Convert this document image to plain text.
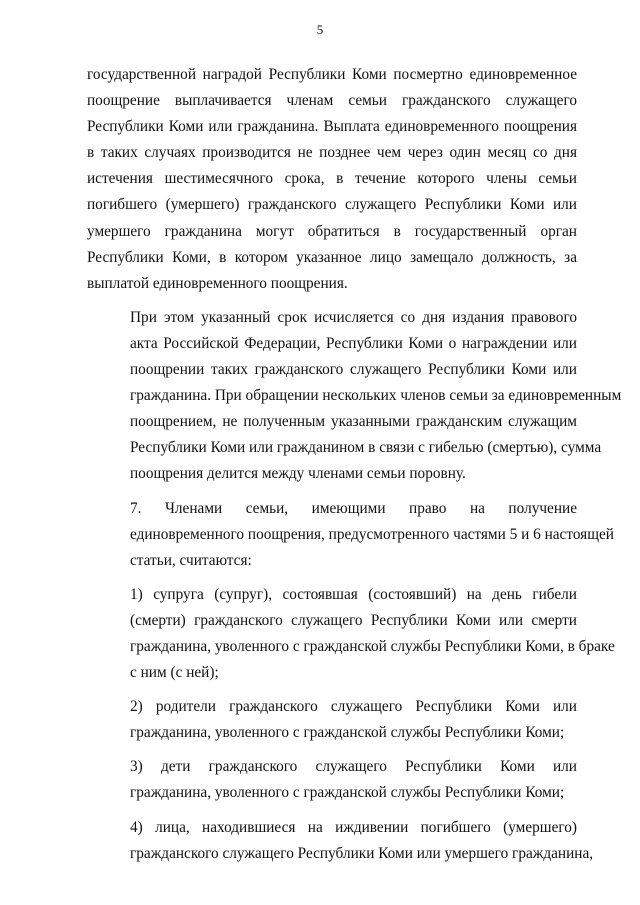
5
государственной наградой Республики Коми посмертно единовременное
поощрение выплачивается членам семьи гражданского служащего
Республики Коми или гражданина. Выплата единовременного поощрения
в таких случаях производится не позднее чем через один месяц со дня
истечения шестимесячного срока, в течение которого члены семьи
погибшего (умершего) гражданского служащего Республики Коми или
умершего гражданина могут обратиться в государственный орган
Республики Коми, в котором указанное лицо замещало должность, за
выплатой единовременного поощрения.
При этом указанный срок исчисляется со дня издания правового
акта Российской Федерации, Республики Коми о награждении или
поощрении таких гражданского служащего Республики Коми или
гражданина. При обращении нескольких членов семьи за единовременным
поощрением, не полученным указанными гражданским служащим
Республики Коми или гражданином в связи с гибелью (смертью), сумма
поощрения делится между членами семьи поровну.
7. Членами семьи, имеющими право на получение
единовременного поощрения, предусмотренного частями 5 и 6 настоящей
статьи, считаются:
1) супруга (супруг), состоявшая (состоявший) на день гибели
(смерти) гражданского служащего Республики Коми или смерти
гражданина, уволенного с гражданской службы Республики Коми, в браке
с ним (с ней);
2) родители гражданского служащего Республики Коми или
гражданина, уволенного с гражданской службы Республики Коми;
3) дети гражданского служащего Республики Коми или
гражданина, уволенного с гражданской службы Республики Коми;
4) лица, находившиеся на иждивении погибшего (умершего)
гражданского служащего Республики Коми или умершего гражданина,
